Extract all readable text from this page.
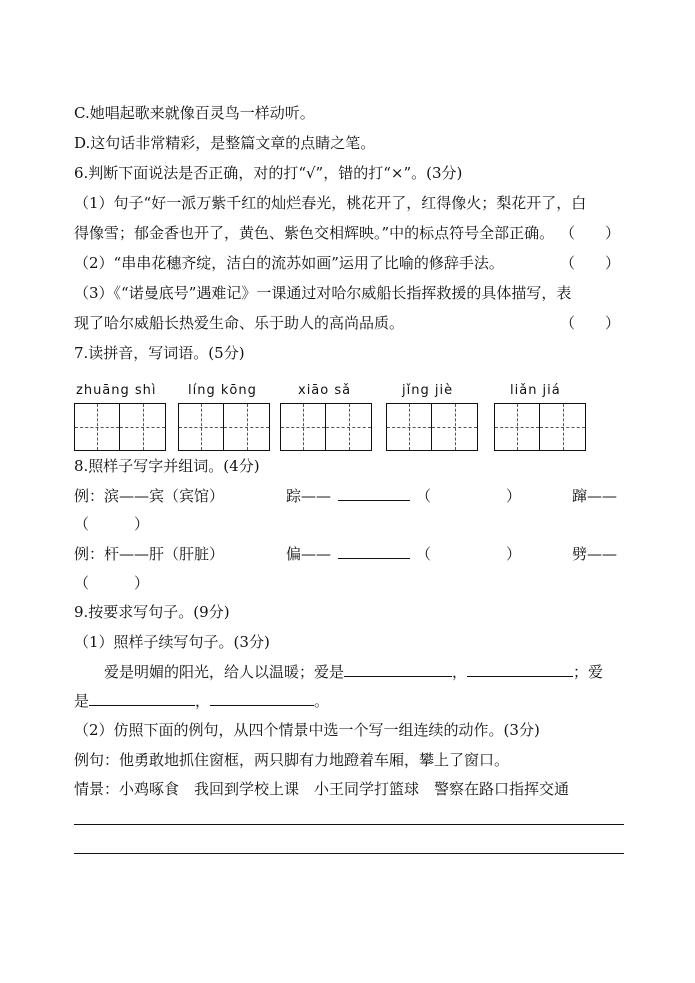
C.她唱起歌来就像百灵鸟一样动听。
D.这句话非常精彩，是整篇文章的点睛之笔。
6.判断下面说法是否正确，对的打“√”，错的打“×”。(3分)
（1）句子“好一派万紫千红的灿烂春光，桃花开了，红得像火；梨花开了，白
得像雪；郁金香也开了，黄色、紫色交相辉映。”中的标点符号全部正确。 （　　）
（2）“串串花穗齐绽，洁白的流苏如画”运用了比喻的修辞手法。	（　　）
（3）《“诺曼底号”遇难记》一课通过对哈尔威船长指挥救援的具体描写，表
现了哈尔威船长热爱生命、乐于助人的高尚品质。	（　　）
7.读拼音，写词语。(5分)
zhuāng shì líng kōng	xiāo sǎ	jǐng jiè	liǎn jiá
8.照样子写字并组词。(4分)
例：滨——宾（宾馆）	踪——	（　　　　　）	蹿——
（　　　）
例：杆——肝（肝脏）	偏——	（　　　　　）	劈——
（　　　）
9.按要求写句子。(9分)
（1）照样子续写句子。(3分)
爱是明媚的阳光，给人以温暖；爱是	，	；爱
是	，	。
（2）仿照下面的例句，从四个情景中选一个写一组连续的动作。(3分)
例句：他勇敢地抓住窗框，两只脚有力地蹬着车厢，攀上了窗口。
情景：小鸡啄食　我回到学校上课　小王同学打篮球　警察在路口指挥交通
